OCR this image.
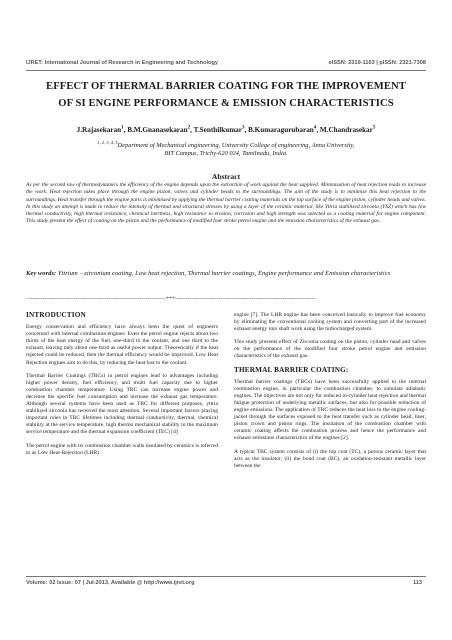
IJRET: International Journal of Research in Engineering and Technology	eISSN: 2319-1163 | pISSN: 2321-7308
EFFECT OF THERMAL BARRIER COATING FOR THE IMPROVEMENT
OF SI ENGINE PERFORMANCE & EMISSION CHARACTERISTICS
J.Rajasekaran$^1$, B.M.Gnanasekaran$^2$, T.Senthilkumar$^3$, B.Kumaragurubaran$^4$, M.Chandrasekar$^5$
$^{1, 2, 3, 4, 5}$Department of Mechanical engineering, University College of engineering, Anna University,
BIT Campus, Trichy-620 024, Tamilnadu, India.
Abstract
As per the second law of thermodynamics the efficiency of the engine depends upon the extraction of work against the heat supplied. Minimisation of heat rejection leads to increase the work. Heat rejection takes place through the engine piston, valves and cylinder heads to the surroundings. The aim of the study is to minimise this heat rejection to the surroundings. Heat transfer through the engine parts is minimised by applying the thermal barrier coating materials on the top surface of the engine piston, cylinder heads and valves. In this study an attempt is made to reduce the intensity of thermal and structural stresses by using a layer of the ceramic material, like Yttria stabilized zirconia (YSZ) which has low thermal conductivity, high thermal resistance, chemical inertness, high resistance to erosion, corrosion and high strength was selected as a coating material for engine component. This study present the effect of coating on the piston and the performance of modified four stroke petrol engine and the emission characteristics of the exhaust gas.
Key words: Yttrium – zirconium coating, Low heat rejection, Thermal barrier coatings, Engine performance and Emission characteristics
--------------------------------------------------------------------***--------------------------------------------------------------------
INTRODUCTION

Energy conservation and efficiency have always been the quest of engineers concerned with internal combustion engines. Even the petrol engine rejects about two thirds of the heat energy of the fuel, one-third to the coolant, and one third to the exhaust, leaving only about one-third as useful power output. Theoretically if the heat rejected could be reduced, then the thermal efficiency would be improved. Low Heat Rejection engines aim to do this, by reducing the heat lost to the coolant.

Thermal Barrier Coatings (TBCs) in petrol engines lead to advantages including higher power density, fuel efficiency, and multi fuel capacity due to higher combustion chamber temperature. Using TBC can increase engine power and decrease the specific fuel consumption and increase the exhaust gas temperature. Although several systems have been used as TBC for different purposes, yttria stabilized zirconia has received the most attention. Several important factors playing important roles in TBC lifetimes including thermal conductivity, thermal, chemical stability at the service temperature, high thermo mechanical stability to the maximum service temperature and the thermal expansion coefficient (TEC) [4]

The petrol engine with its combustion chamber walls insulated by ceramics is referred to as Low Heat-Rejection (LHR)

engine [7]. The LHR engine has been conceived basically to improve fuel economy by eliminating the conventional cooling system and converting part of the increased exhaust energy into shaft work using the turbocharged system.

This study presents effect of Zirconia coating on the piston, cylinder head and valves on the performance of the modified four stroke petrol engine and emission characteristics of the exhaust gas.

THERMAL BARRIER COATING:

Thermal barrier coatings (TBCs) have been successfully applied to the internal combustion engine, in particular the combustion chamber, to simulate adiabatic engines. The objectives are not only for reduced in-cylinder heat rejection and thermal fatigue protection of underlying metallic surfaces, but also for possible reduction of engine emissions. The application of TBC reduces the heat loss to the engine cooling-jacket through the surfaces exposed to the heat transfer such as cylinder head, liner, piston crown and piston rings. The insulation of the combustion chamber with ceramic coating affects the combustion process and hence the performance and exhaust emissions characteristics of the engines [2].

A typical TBC system consists of (i) the top coat (TC), a porous ceramic layer that acts as the insulator, (ii) the bond coat (BC), an oxidation-resistant metallic layer between the

Volume: 02 Issue: 07 | Jul-2013, Available @ http://www.ijret.org	113
